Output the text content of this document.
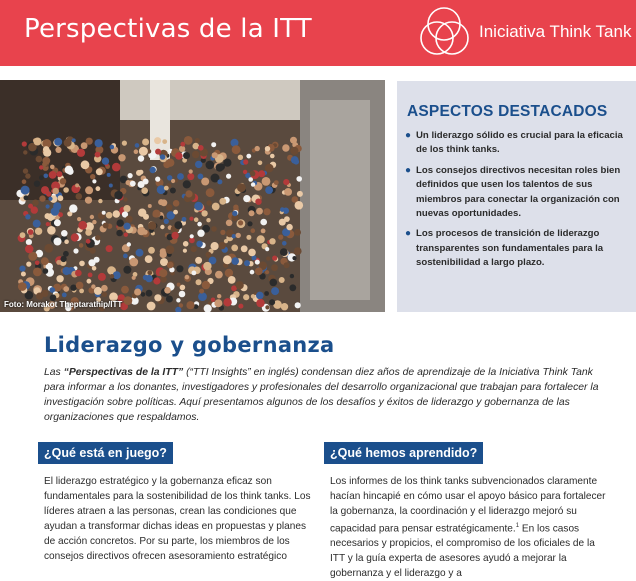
Perspectivas de la ITT	Iniciativa Think Tank
Foto: Morakot Theptarathip/ITT
ASPECTOS DESTACADOS
● Un liderazgo sólido es crucial para la eficacia de los think tanks.
● Los consejos directivos necesitan roles bien definidos que usen los talentos de sus miembros para conectar la organización con nuevas oportunidades.
● Los procesos de transición de liderazgo transparentes son fundamentales para la sostenibilidad a largo plazo.
Liderazgo y gobernanza
Las “Perspectivas de la ITT” (“TTI Insights” en inglés) condensan diez años de aprendizaje de la Iniciativa Think Tank para informar a los donantes, investigadores y profesionales del desarrollo organizacional que trabajan para fortalecer la investigación sobre políticas. Aquí presentamos algunos de los desafíos y éxitos de liderazgo y gobernanza de las organizaciones que respaldamos.
¿Qué está en juego?
El liderazgo estratégico y la gobernanza eficaz son fundamentales para la sostenibilidad de los think tanks. Los líderes atraen a las personas, crean las condiciones que ayudan a transformar dichas ideas en propuestas y planes de acción concretos. Por su parte, los miembros de los consejos directivos ofrecen asesoramiento estratégico
¿Qué hemos aprendido?
Los informes de los think tanks subvencionados claramente hacían hincapié en cómo usar el apoyo básico para fortalecer la gobernanza, la coordinación y el liderazgo mejoró su capacidad para pensar estratégicamente.$^1$ En los casos necesarios y propicios, el compromiso de los oficiales de la ITT y la guía experta de asesores ayudó a mejorar la gobernanza y el liderazgo y a
